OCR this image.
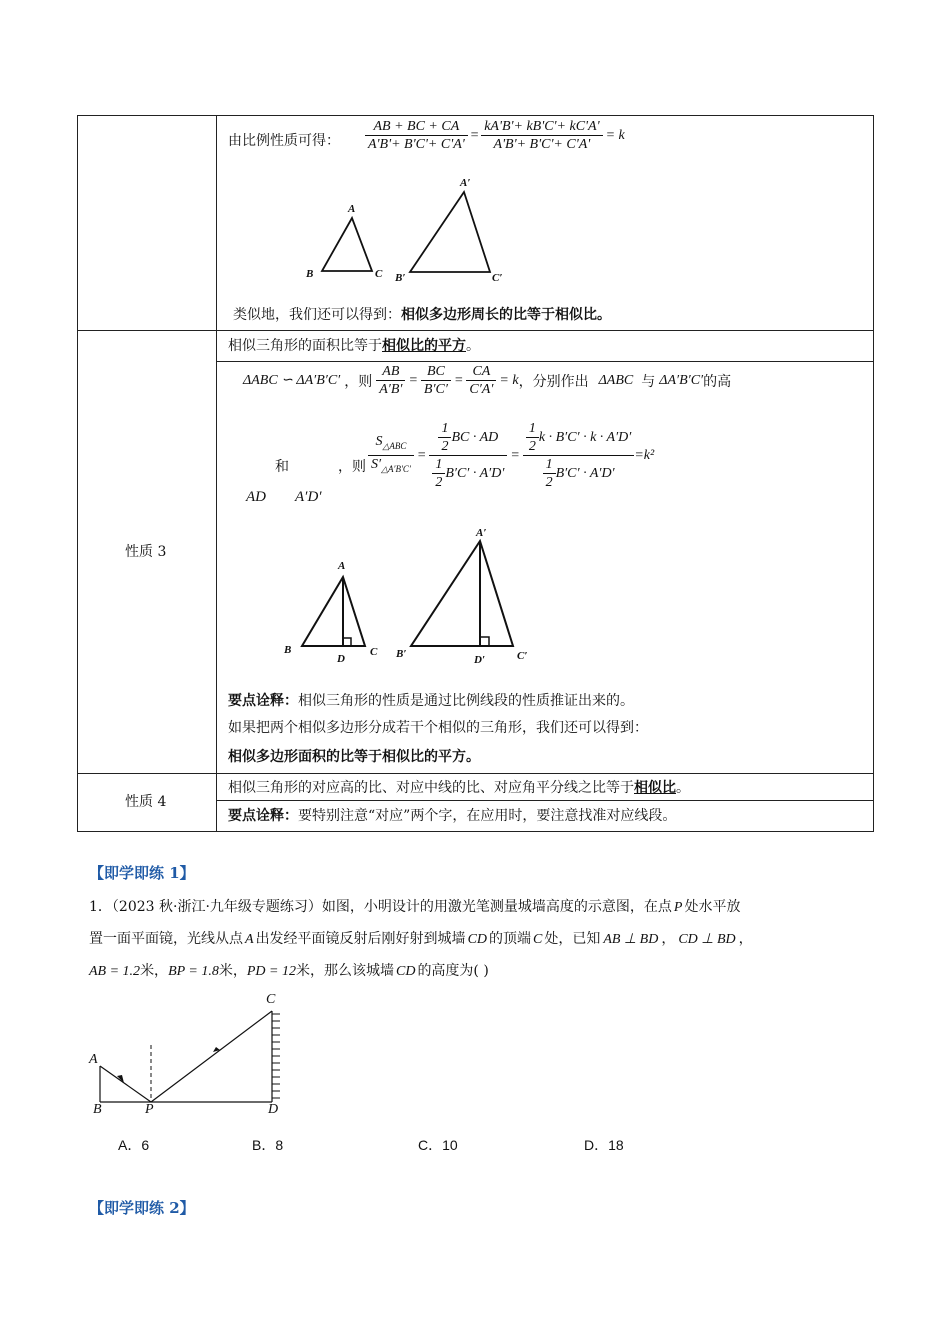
由比例性质可得： $\frac{AB + BC + CA}{A'B'+ B'C'+ C'A'} = \frac{kA'B'+ kB'C'+ kC'A'}{A'B'+ B'C'+ C'A'} = k$
A
B	C
A′
B′	C′
类似地，我们还可以得到：相似多边形周长的比等于相似比。
性质 3
相似三角形的面积比等于相似比的平方。
ΔABC ∽ ΔA′B′C′ ，则 $\frac{AB}{A'B'} = \frac{BC}{B'C'} = \frac{CA}{C'A'} = k$ ，分别作出 ΔABC 与 ΔA′B′C′ 的高
和	，则
AD A′D′
$\frac{S_{\triangle ABC}}{S'_{\triangle A'B'C'}} = \frac{\frac{1}{2} BC \cdot AD}{\frac{1}{2} B'C' \cdot A'D'} = \frac{\frac{1}{2} k \cdot B'C' \cdot k \cdot A'D'}{\frac{1}{2} B'C' \cdot A'D'} =k^2$
A
B	C
D
A′
B′	C′
D′
要点诠释：相似三角形的性质是通过比例线段的性质推证出来的。
如果把两个相似多边形分成若干个相似的三角形，我们还可以得到：
相似多边形面积的比等于相似比的平方。
性质 4
相似三角形的对应高的比、对应中线的比、对应角平分线之比等于相似比。
要点诠释：要特别注意“对应”两个字，在应用时，要注意找准对应线段。
【即学即练 1】
1．（2023 秋·浙江·九年级专题练习）如图，小明设计的用激光笔测量城墙高度的示意图，在点 P 处水平放
置一面平面镜，光线从点 A 出发经平面镜反射后刚好射到城墙 CD 的顶端 C 处，已知 AB ⊥ BD ， CD ⊥ BD ，
AB = 1.2米，BP = 1.8米，PD = 12米，那么该城墙 CD 的高度为( )
A
B	P	D
C
A．6	B．8	C．10	D．18
【即学即练 2】
